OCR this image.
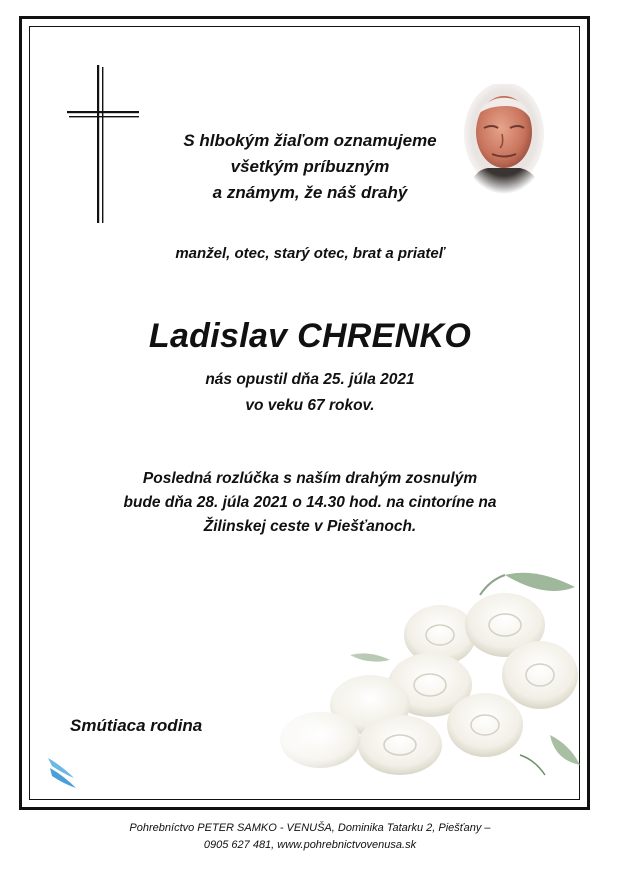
S hlbokým žiaľom oznamujeme
všetkým príbuzným
a známym, že náš drahý
manžel, otec, starý otec, brat a priateľ
Ladislav CHRENKO
nás opustil dňa 25. júla 2021
vo veku 67 rokov.
Posledná rozlúčka s naším drahým zosnulým
bude dňa 28. júla 2021 o 14.30 hod. na cintoríne na
Žilinskej ceste v Piešťanoch.
Smútiaca rodina
Pohrebníctvo PETER SAMKO - VENUŠA, Dominika Tatarku 2, Piešťany –
0905 627 481, www.pohrebnictvovenusa.sk
